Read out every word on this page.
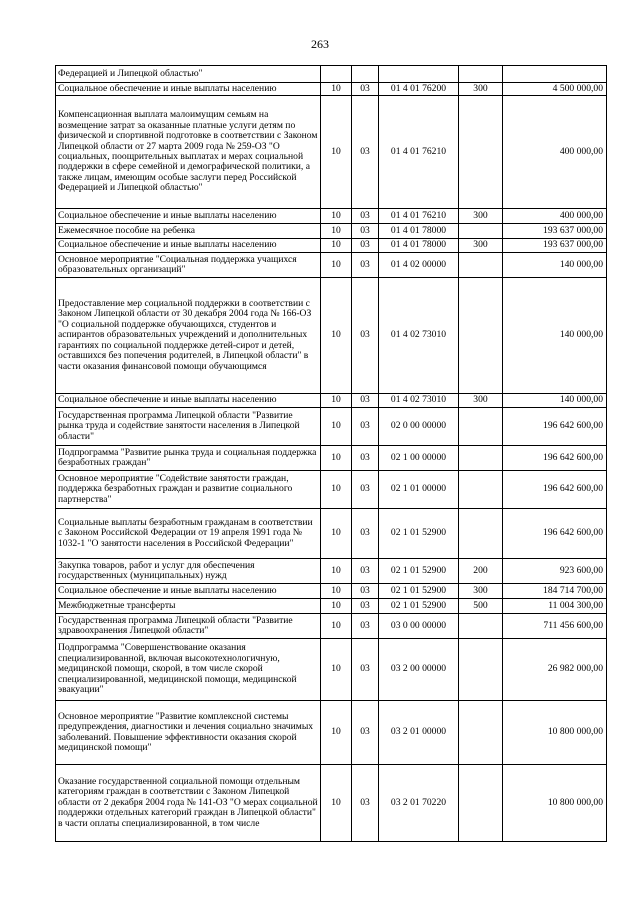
263
Федерацией и Липецкой областью"					
Социальное обеспечение и иные выплаты населению	10	03	01 4 01 76200	300	4 500 000,00
Компенсационная выплата малоимущим семьям на возмещение затрат за оказанные платные услуги детям по физической и спортивной подготовке в соответствии с Законом Липецкой области от 27 марта 2009 года № 259-ОЗ "О социальных, поощрительных выплатах и мерах социальной поддержки в сфере семейной и демографической политики, а также лицам, имеющим особые заслуги перед Российской Федерацией и Липецкой областью"	10	03	01 4 01 76210		400 000,00
Социальное обеспечение и иные выплаты населению	10	03	01 4 01 76210	300	400 000,00
Ежемесячное пособие на ребенка	10	03	01 4 01 78000		193 637 000,00
Социальное обеспечение и иные выплаты населению	10	03	01 4 01 78000	300	193 637 000,00
Основное мероприятие "Социальная поддержка учащихся образовательных организаций"	10	03	01 4 02 00000		140 000,00
Предоставление мер социальной поддержки в соответствии с Законом Липецкой области от 30 декабря 2004 года № 166-ОЗ "О социальной поддержке обучающихся, студентов и аспирантов образовательных учреждений и дополнительных гарантиях по социальной поддержке детей-сирот и детей, оставшихся без попечения родителей, в Липецкой области" в части оказания финансовой помощи обучающимся	10	03	01 4 02 73010		140 000,00
Социальное обеспечение и иные выплаты населению	10	03	01 4 02 73010	300	140 000,00
Государственная программа Липецкой области "Развитие рынка труда и содействие занятости населения в Липецкой области"	10	03	02 0 00 00000		196 642 600,00
Подпрограмма "Развитие рынка труда и социальная поддержка безработных граждан"	10	03	02 1 00 00000		196 642 600,00
Основное мероприятие "Содействие занятости граждан, поддержка безработных граждан и развитие социального партнерства"	10	03	02 1 01 00000		196 642 600,00
Социальные выплаты безработным гражданам в соответствии с Законом Российской Федерации от 19 апреля 1991 года № 1032-1 "О занятости населения в Российской Федерации"	10	03	02 1 01 52900		196 642 600,00
Закупка товаров, работ и услуг для обеспечения государственных (муниципальных) нужд	10	03	02 1 01 52900	200	923 600,00
Социальное обеспечение и иные выплаты населению	10	03	02 1 01 52900	300	184 714 700,00
Межбюджетные трансферты	10	03	02 1 01 52900	500	11 004 300,00
Государственная программа Липецкой области "Развитие здравоохранения Липецкой области"	10	03	03 0 00 00000		711 456 600,00
Подпрограмма "Совершенствование оказания специализированной, включая высокотехнологичную, медицинской помощи, скорой, в том числе скорой специализированной, медицинской помощи, медицинской эвакуации"	10	03	03 2 00 00000		26 982 000,00
Основное мероприятие "Развитие комплексной системы предупреждения, диагностики и лечения социально значимых заболеваний. Повышение эффективности оказания скорой медицинской помощи"	10	03	03 2 01 00000		10 800 000,00
Оказание государственной социальной помощи отдельным категориям граждан в соответствии с Законом Липецкой области от 2 декабря 2004 года № 141-ОЗ "О мерах социальной поддержки отдельных категорий граждан в Липецкой области" в части оплаты специализированной, в том числе	10	03	03 2 01 70220		10 800 000,00
